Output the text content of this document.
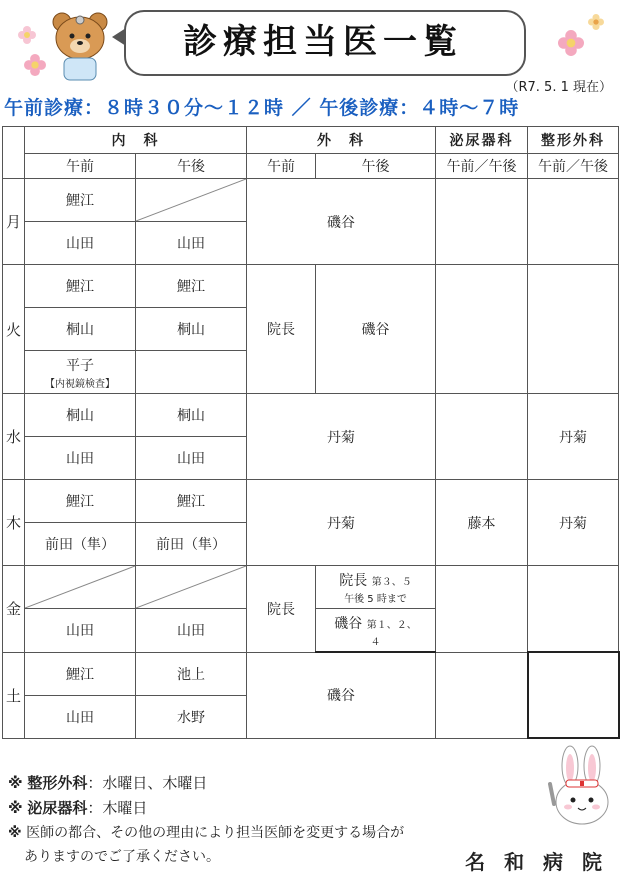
診療担当医一覧
（R7. 5. 1 現在）
午前診療：８時３０分～１２時 ／ 午後診療：４時～７時
	内　科		外　科		泌尿器科	整形外科
	午前	午後	午前	午後	午前／午後	午前／午後
月	鯉江		磯谷			
	山田	山田				
火	鯉江	鯉江	院長	磯谷		
	桐山	桐山				

	平子
【内視鏡検査】					

水	桐山	桐山	丹菊			丹菊
	山田	山田				
木	鯉江	鯉江	丹菊		藤本	丹菊
	前田（隼）	前田（隼）				
金			院長	院長 第３、５
午後 5 時まで		

	山田	山田		磯谷 第１、２、
４		

土	鯉江	池上	磯谷			
	山田	水野				
※ 整形外科：水曜日、木曜日
※ 泌尿器科：木曜日
※ 医師の都合、その他の理由により担当医師を変更する場合が
ありますのでご了承ください。	名 和 病 院
